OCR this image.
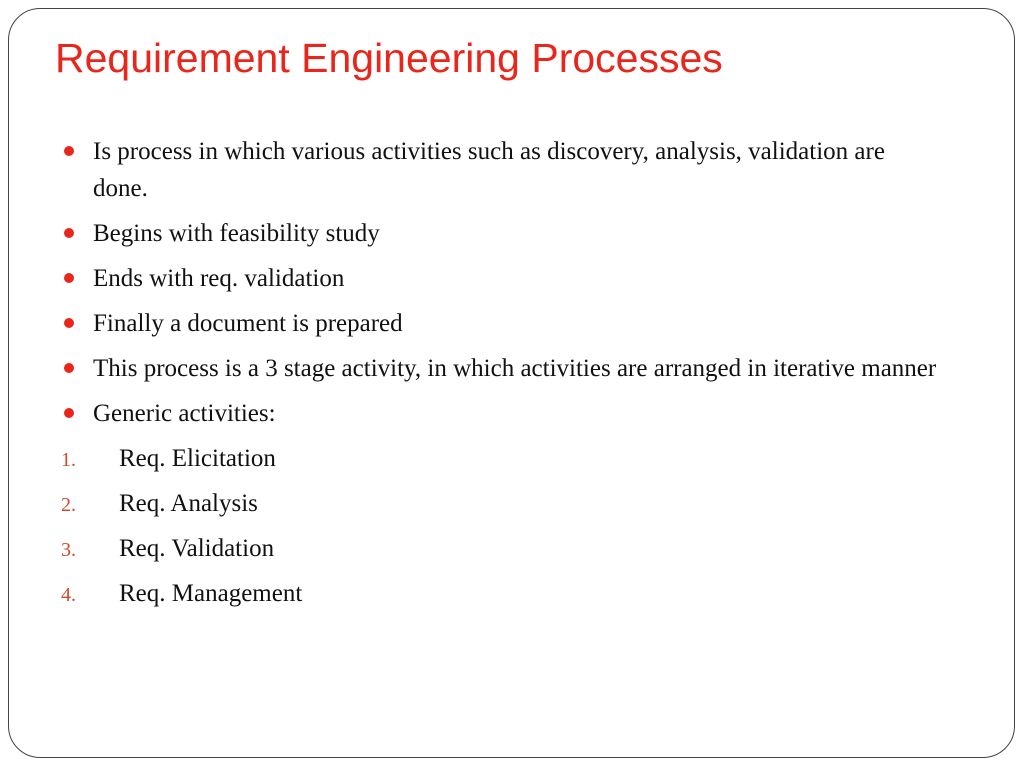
Requirement Engineering Processes
Is process in which various activities such as discovery, analysis, validation are done.
Begins with feasibility study
Ends with req. validation
Finally a document is prepared
This process is a 3 stage activity, in which activities are arranged in iterative manner
Generic activities:
1. Req. Elicitation
2. Req. Analysis
3. Req. Validation
4. Req. Management
